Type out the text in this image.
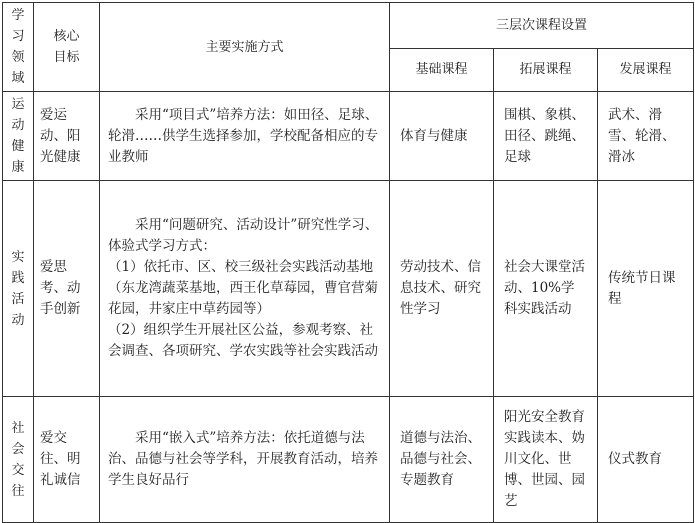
学习领域	核心目标	主要实施方式	三层次课程设置		
			基础课程	拓展课程	发展课程

运动健康	爱运动、阳光健康	采用“项目式”培养方法：如田径、足球、轮滑……供学生选择参加，学校配备相应的专业教师	体育与健康	围棋、象棋、田径、跳绳、足球	武术、滑雪、轮滑、滑冰

实践活动	爱思考、动手创新	采用“问题研究、活动设计”研究性学习、体验式学习方式：

（1）依托市、区、校三级社会实践活动基地（东龙湾蔬菜基地，西王化草莓园，曹官营菊花园，井家庄中草药园等）

（2）组织学生开展社区公益，参观考察、社会调查、各项研究、学农实践等社会实践活动	劳动技术、信息技术、研究性学习	社会大课堂活动、10%学科实践活动	传统节日课程

社会交往	爱交往、明礼诚信	采用“嵌入式”培养方法：依托道德与法治、品德与社会等学科，开展教育活动，培养学生良好品行	道德与法治、品德与社会、专题教育	阳光安全教育实践读本、妫川文化、世博、世园、园艺	仪式教育
